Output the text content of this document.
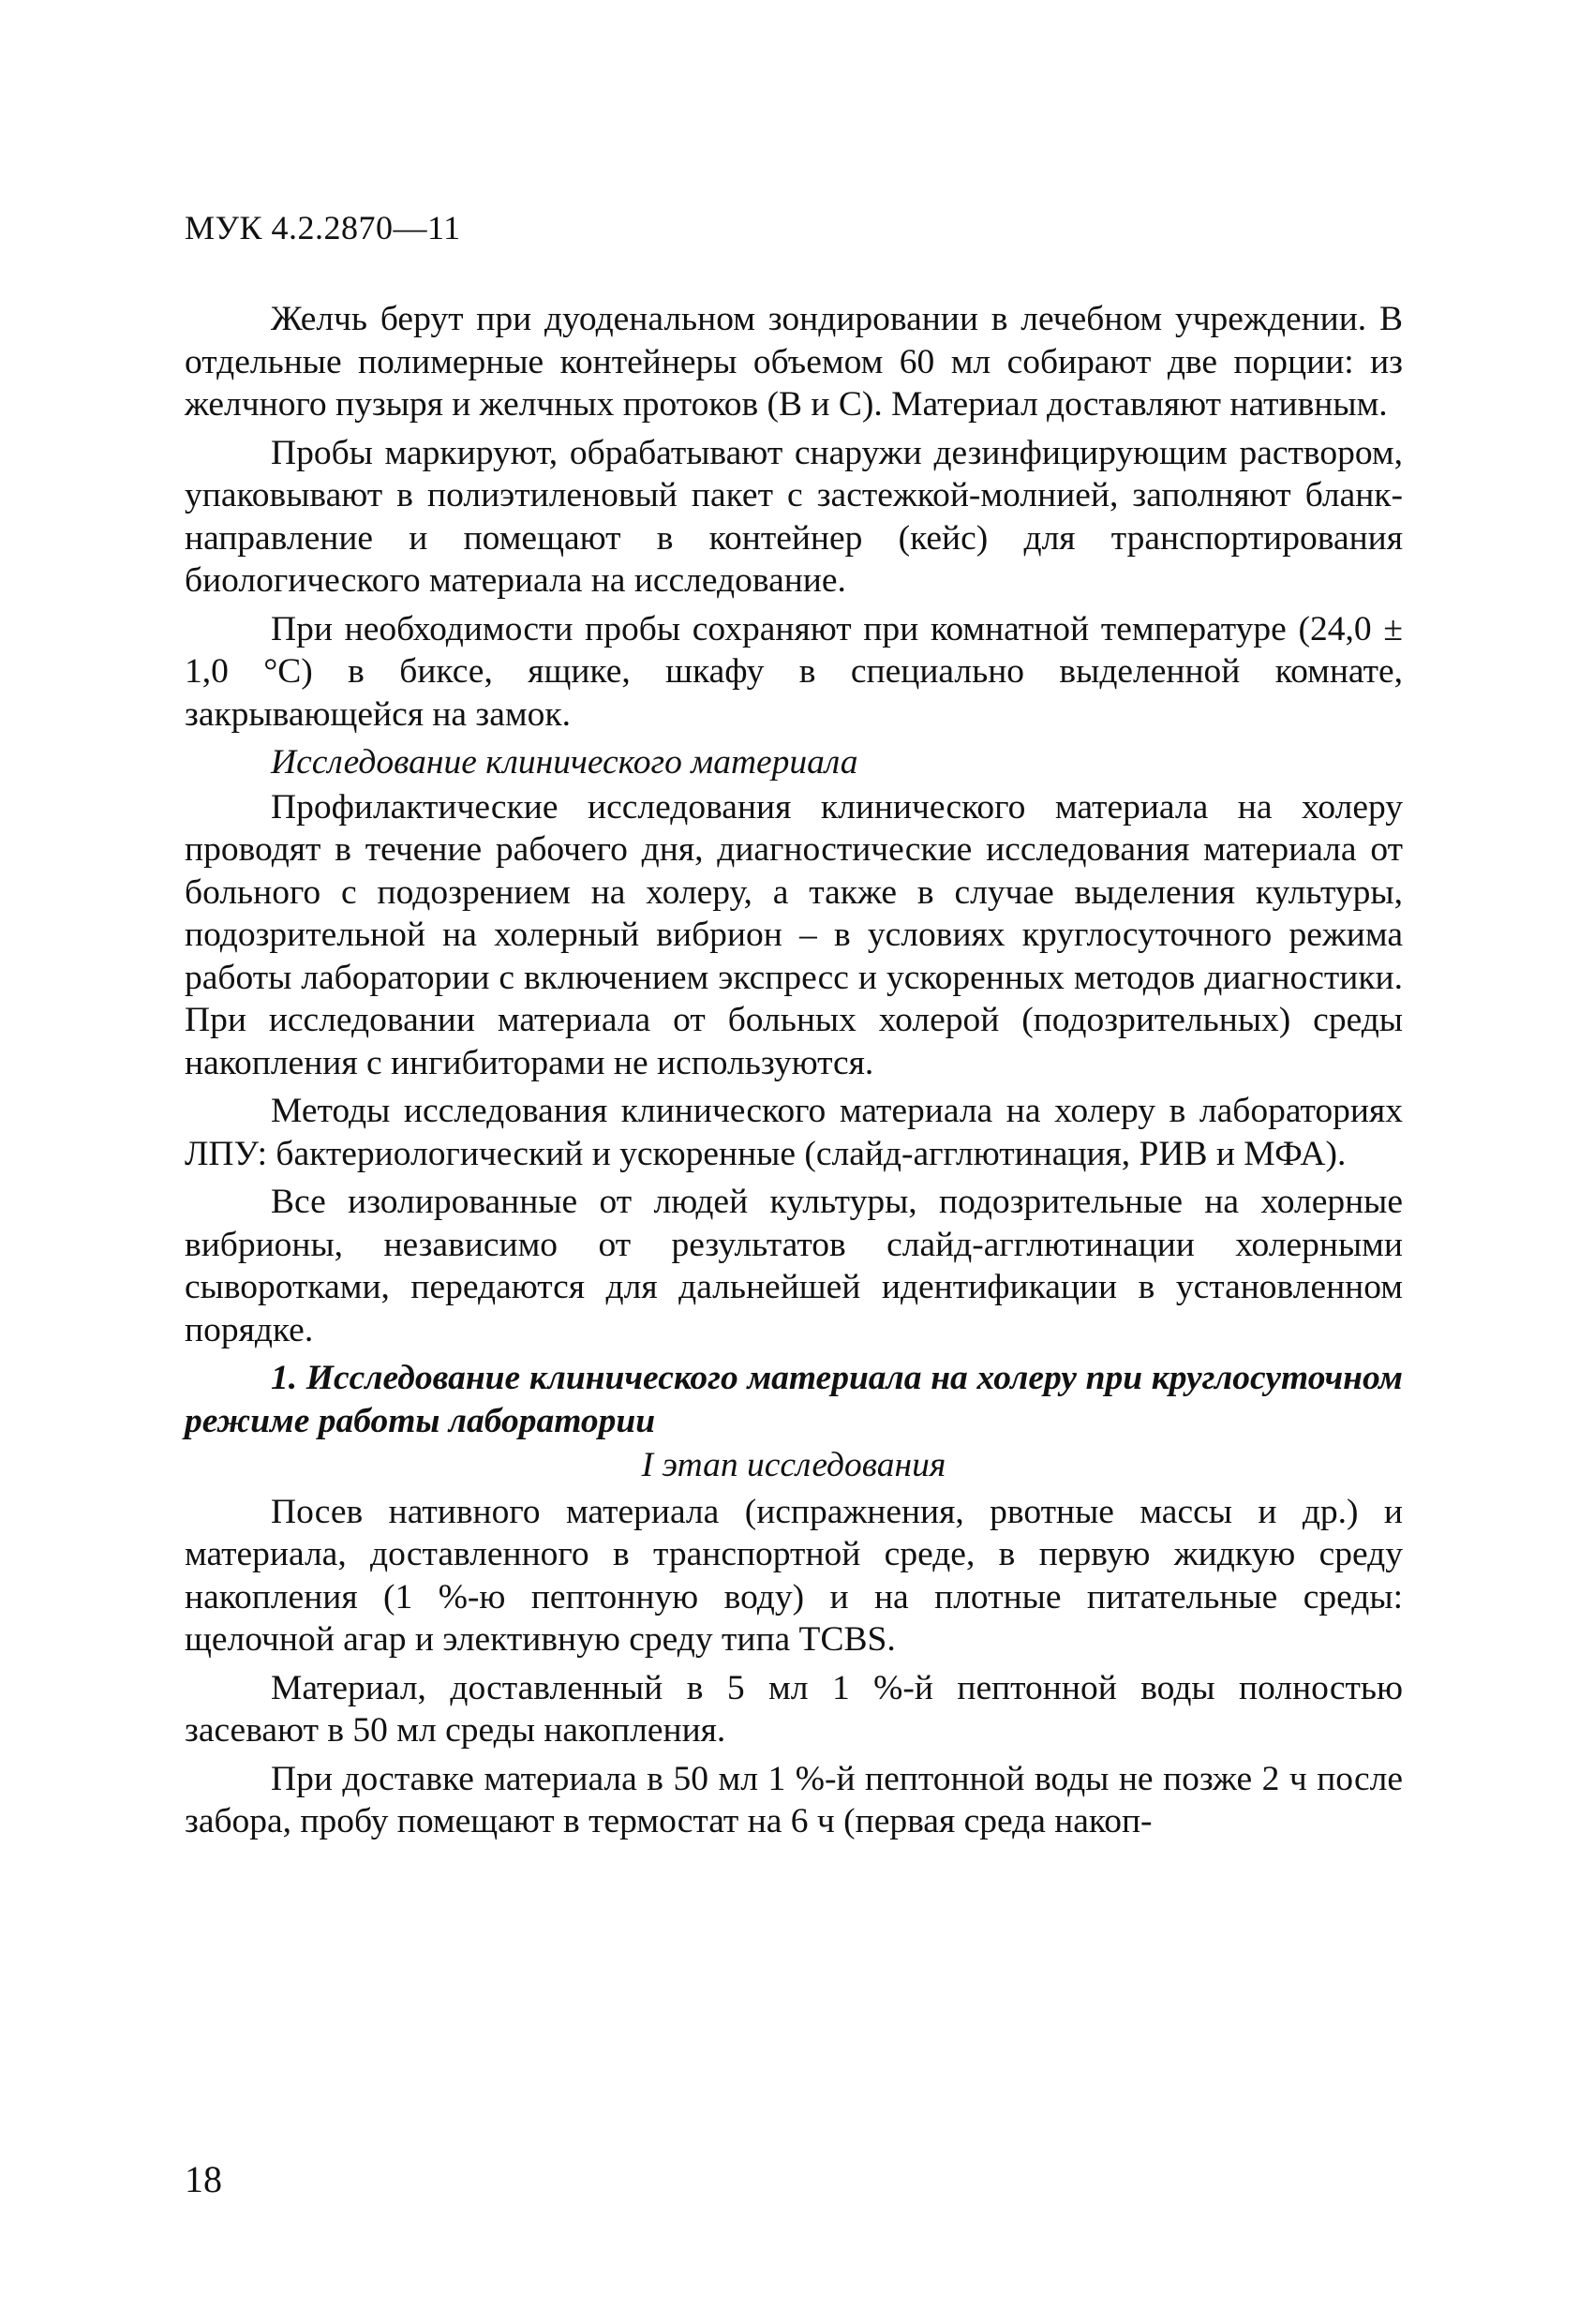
МУК 4.2.2870—11

Желчь берут при дуоденальном зондировании в лечебном учреждении. В отдельные полимерные контейнеры объемом 60 мл собирают две порции: из желчного пузыря и желчных протоков (В и С). Материал доставляют нативным.

Пробы маркируют, обрабатывают снаружи дезинфицирующим раствором, упаковывают в полиэтиленовый пакет с застежкой-молнией, заполняют бланк-направление и помещают в контейнер (кейс) для транспортирования биологического материала на исследование.

При необходимости пробы сохраняют при комнатной температуре (24,0 ± 1,0 °С) в биксе, ящике, шкафу в специально выделенной комнате, закрывающейся на замок.

Исследование клинического материала

Профилактические исследования клинического материала на холеру проводят в течение рабочего дня, диагностические исследования материала от больного с подозрением на холеру, а также в случае выделения культуры, подозрительной на холерный вибрион – в условиях круглосуточного режима работы лаборатории с включением экспресс и ускоренных методов диагностики. При исследовании материала от больных холерой (подозрительных) среды накопления с ингибиторами не используются.

Методы исследования клинического материала на холеру в лабораториях ЛПУ: бактериологический и ускоренные (слайд-агглютинация, РИВ и МФА).

Все изолированные от людей культуры, подозрительные на холерные вибрионы, независимо от результатов слайд-агглютинации холерными сыворотками, передаются для дальнейшей идентификации в установленном порядке.

1. Исследование клинического материала на холеру при круглосуточном режиме работы лаборатории

I этап исследования

Посев нативного материала (испражнения, рвотные массы и др.) и материала, доставленного в транспортной среде, в первую жидкую среду накопления (1 %-ю пептонную воду) и на плотные питательные среды: щелочной агар и элективную среду типа TCBS.

Материал, доставленный в 5 мл 1 %-й пептонной воды полностью засевают в 50 мл среды накопления.

При доставке материала в 50 мл 1 %-й пептонной воды не позже 2 ч после забора, пробу помещают в термостат на 6 ч (первая среда накоп-

18
